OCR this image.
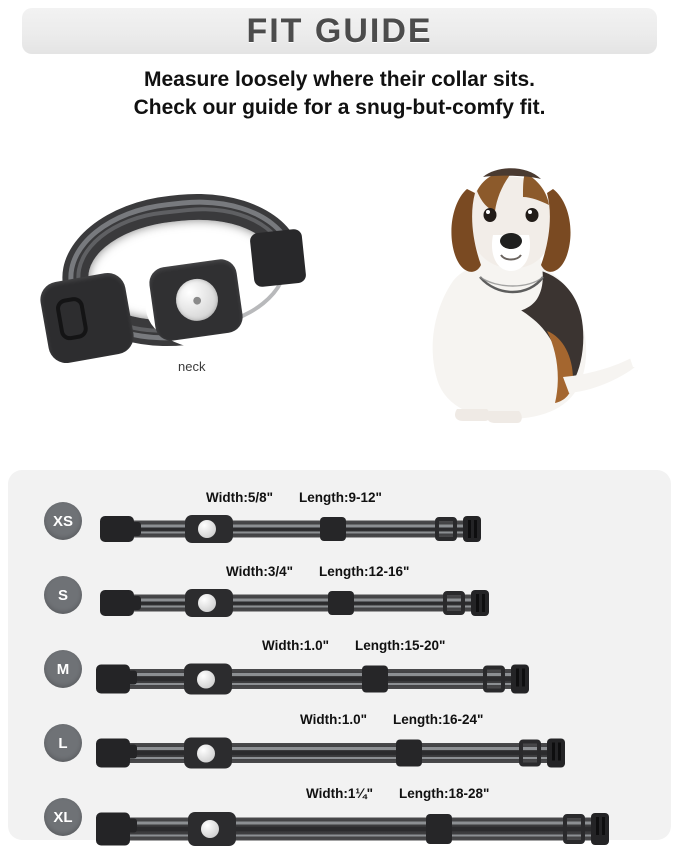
FIT GUIDE
Measure loosely where their collar sits.
Check our guide for a snug-but-comfy fit.
●
neck
XS
Width:5/8" Length:9-12"
S
Width:3/4" Length:12-16"
M
Width:1.0" Length:15-20"
L
Width:1.0" Length:16-24"
XL
Width:1¼" Length:18-28"
